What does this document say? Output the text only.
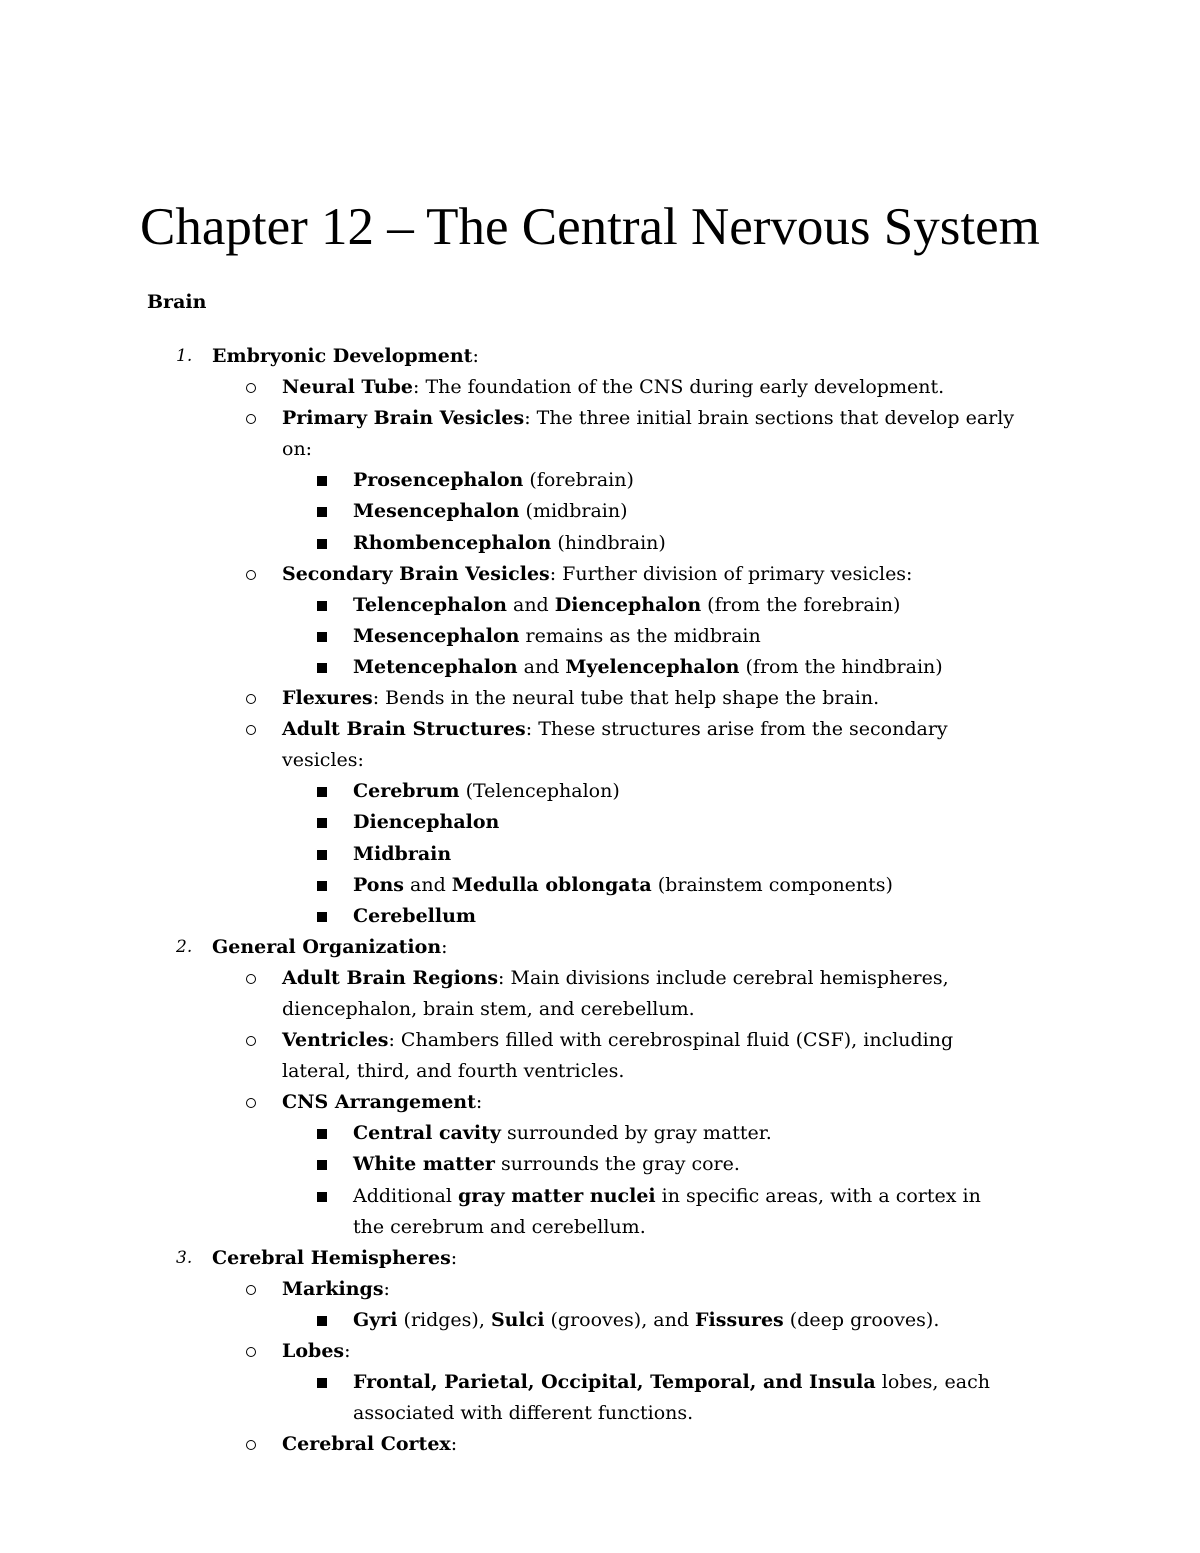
Chapter 12 – The Central Nervous System
Brain
1.	Embryonic Development:
Neural Tube: The foundation of the CNS during early development.
Primary Brain Vesicles: The three initial brain sections that develop early on:
Prosencephalon (forebrain)
Mesencephalon (midbrain)
Rhombencephalon (hindbrain)
Secondary Brain Vesicles: Further division of primary vesicles:
Telencephalon and Diencephalon (from the forebrain)
Mesencephalon remains as the midbrain
Metencephalon and Myelencephalon (from the hindbrain)
Flexures: Bends in the neural tube that help shape the brain.
Adult Brain Structures: These structures arise from the secondary vesicles:
Cerebrum (Telencephalon)
Diencephalon
Midbrain
Pons and Medulla oblongata (brainstem components)
Cerebellum
2.	General Organization:
Adult Brain Regions: Main divisions include cerebral hemispheres, diencephalon, brain stem, and cerebellum.
Ventricles: Chambers filled with cerebrospinal fluid (CSF), including lateral, third, and fourth ventricles.
CNS Arrangement:
Central cavity surrounded by gray matter.
White matter surrounds the gray core.
Additional gray matter nuclei in specific areas, with a cortex in the cerebrum and cerebellum.
3.	Cerebral Hemispheres:
Markings:
Gyri (ridges), Sulci (grooves), and Fissures (deep grooves).
Lobes:
Frontal, Parietal, Occipital, Temporal, and Insula lobes, each associated with different functions.
Cerebral Cortex:
